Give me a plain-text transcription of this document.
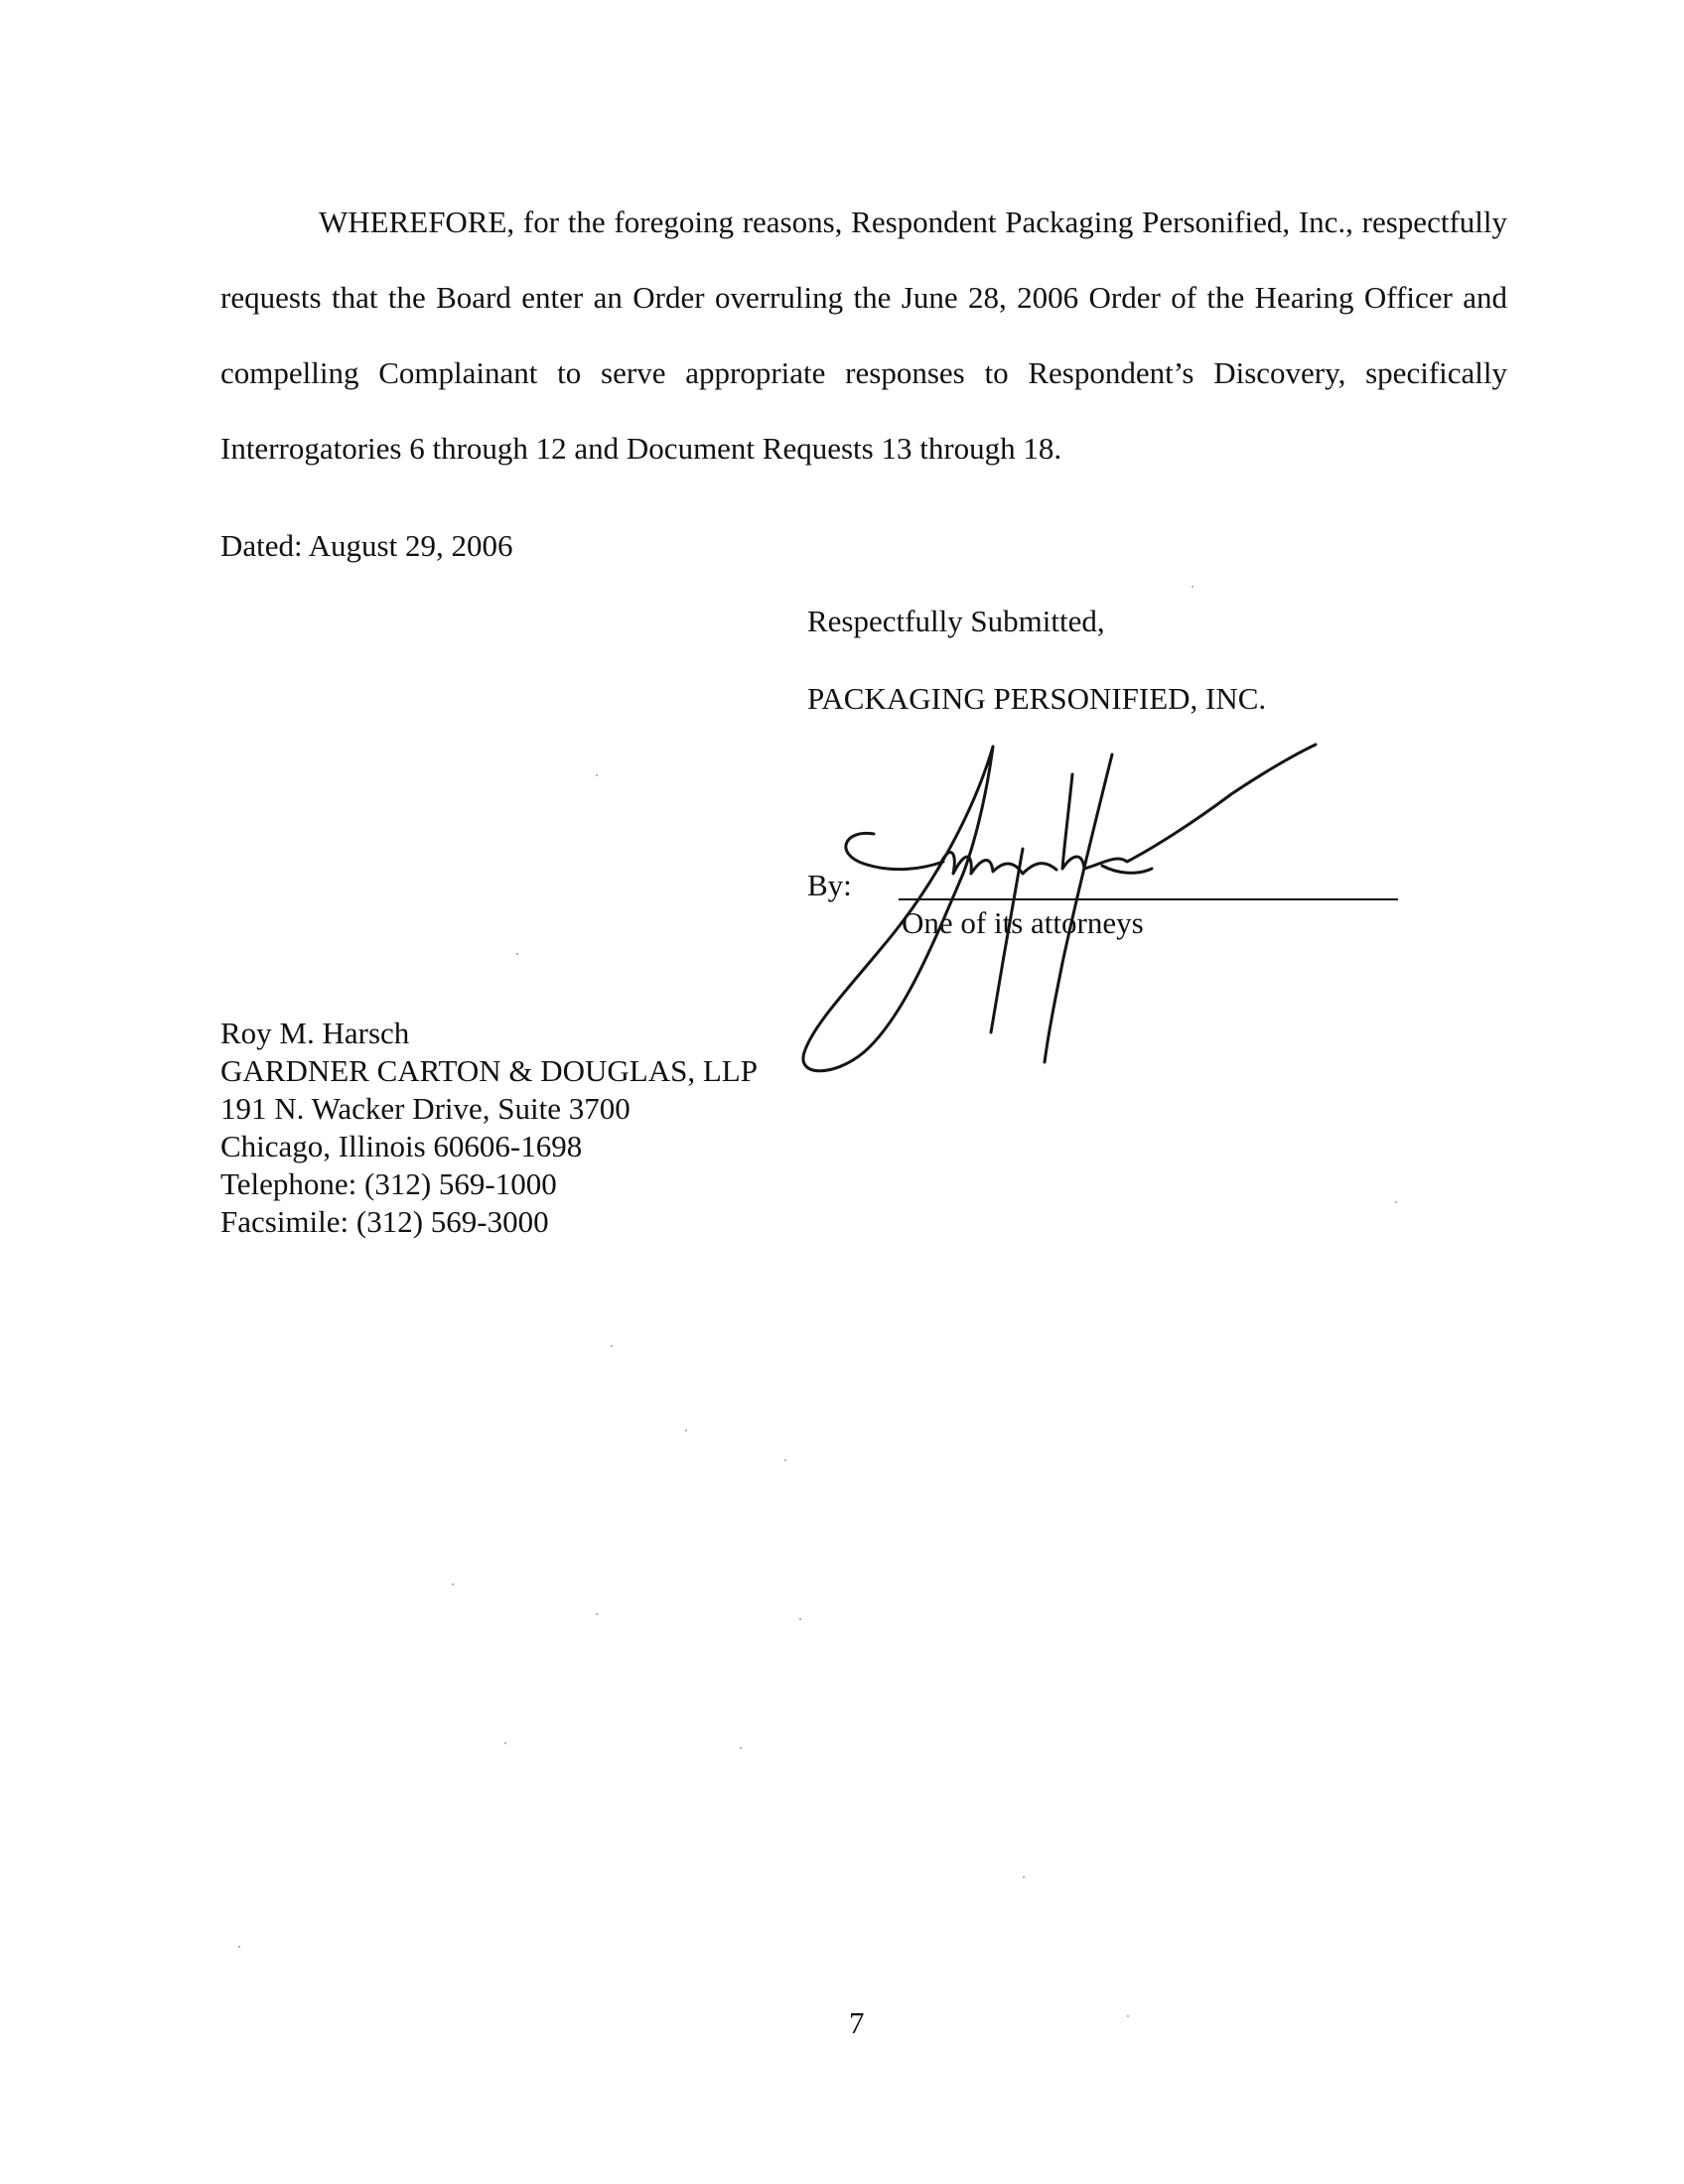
WHEREFORE, for the foregoing reasons, Respondent Packaging Personified, Inc., respectfully requests that the Board enter an Order overruling the June 28, 2006 Order of the Hearing Officer and compelling Complainant to serve appropriate responses to Respondent’s Discovery, specifically Interrogatories 6 through 12 and Document Requests 13 through 18.

Dated: August 29, 2006
Respectfully Submitted,
PACKAGING PERSONIFIED, INC.
By:
One of its attorneys
Roy M. Harsch
GARDNER CARTON & DOUGLAS, LLP
191 N. Wacker Drive, Suite 3700
Chicago, Illinois 60606-1698
Telephone: (312) 569-1000
Facsimile: (312) 569-3000
7
